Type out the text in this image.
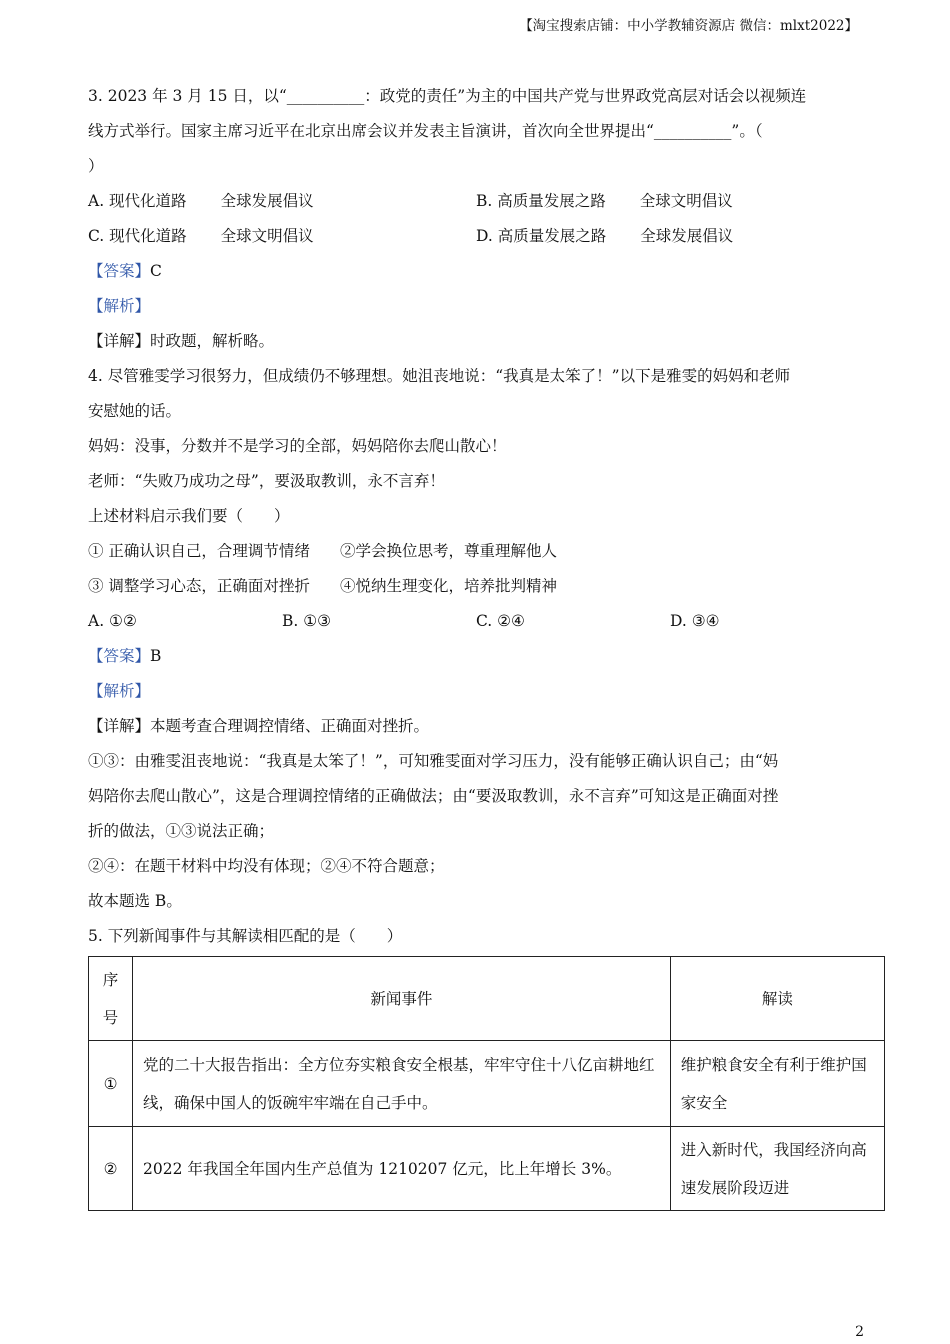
【淘宝搜索店铺：中小学教辅资源店 微信：mlxt2022】

3. 2023 年 3 月 15 日，以“__________：政党的责任”为主的中国共产党与世界政党高层对话会以视频连

线方式举行。国家主席习近平在北京出席会议并发表主旨演讲，首次向全世界提出“__________”。（

）

A. 现代化道路 全球发展倡议	B. 高质量发展之路 全球文明倡议
C. 现代化道路 全球文明倡议	D. 高质量发展之路 全球发展倡议

【答案】C

【解析】

【详解】时政题，解析略。

4. 尽管雅雯学习很努力，但成绩仍不够理想。她沮丧地说：“我真是太笨了！”以下是雅雯的妈妈和老师

安慰她的话。

妈妈：没事，分数并不是学习的全部，妈妈陪你去爬山散心！

老师：“失败乃成功之母”，要汲取教训，永不言弃！

上述材料启示我们要（　　）

① 正确认识自己，合理调节情绪 ②学会换位思考，尊重理解他人

③ 调整学习心态，正确面对挫折 ④悦纳生理变化，培养批判精神

A. ①②	B. ①③	C. ②④	D. ③④

【答案】B

【解析】

【详解】本题考查合理调控情绪、正确面对挫折。

①③：由雅雯沮丧地说：“我真是太笨了！”，可知雅雯面对学习压力，没有能够正确认识自己；由“妈

妈陪你去爬山散心”，这是合理调控情绪的正确做法；由“要汲取教训，永不言弃”可知这是正确面对挫

折的做法，①③说法正确；

②④：在题干材料中均没有体现；②④不符合题意；

故本题选 B。

5. 下列新闻事件与其解读相匹配的是（　　）

序号	新闻事件	解读
①	党的二十大报告指出：全方位夯实粮食安全根基，牢牢守住十八亿亩耕地红线，确保中国人的饭碗牢牢端在自己手中。	维护粮食安全有利于维护国家安全
②	2022 年我国全年国内生产总值为 1210207 亿元，比上年增长 3%。	进入新时代，我国经济向高速发展阶段迈进
2
